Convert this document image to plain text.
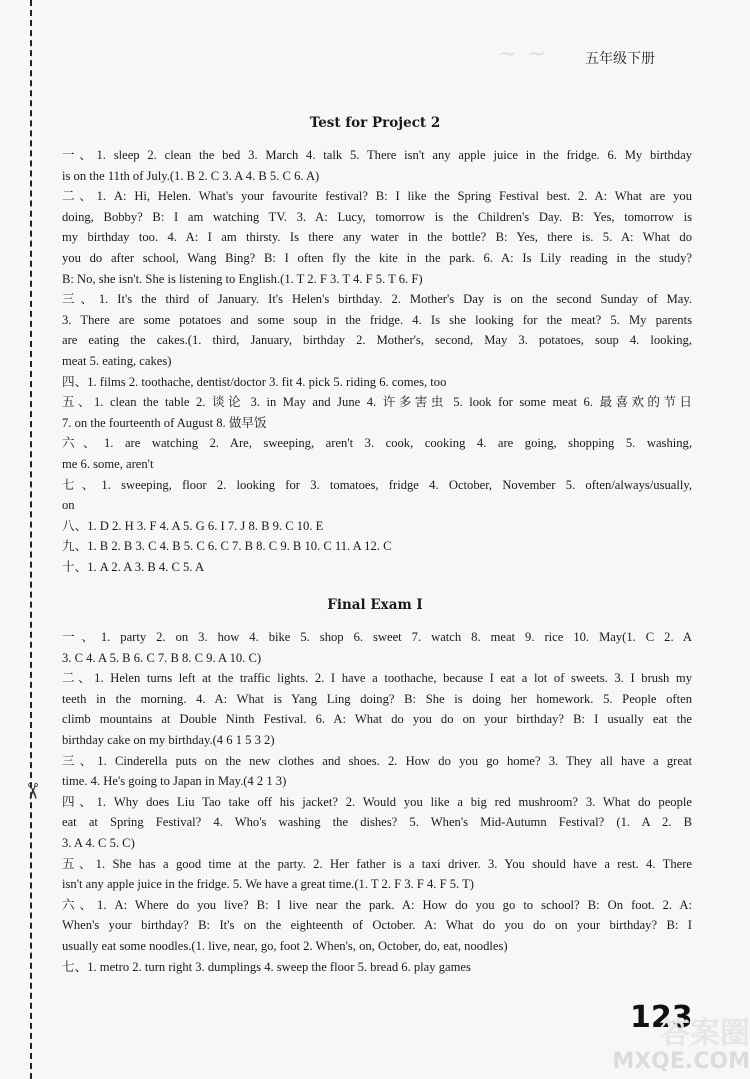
✂
~ ~	五年级下册
Test for Project 2
一、1. sleep 2. clean the bed 3. March 4. talk 5. There isn't any apple juice in the fridge. 6. My birthday
is on the 11th of July.(1. B 2. C 3. A 4. B 5. C 6. A)
二、1. A: Hi, Helen. What's your favourite festival? B: I like the Spring Festival best. 2. A: What are you
doing, Bobby? B: I am watching TV. 3. A: Lucy, tomorrow is the Children's Day. B: Yes, tomorrow is
my birthday too. 4. A: I am thirsty. Is there any water in the bottle? B: Yes, there is. 5. A: What do
you do after school, Wang Bing? B: I often fly the kite in the park. 6. A: Is Lily reading in the study?
B: No, she isn't. She is listening to English.(1. T 2. F 3. T 4. F 5. T 6. F)
三、1. It's the third of January. It's Helen's birthday. 2. Mother's Day is on the second Sunday of May.
3. There are some potatoes and some soup in the fridge. 4. Is she looking for the meat? 5. My parents
are eating the cakes.(1. third, January, birthday 2. Mother's, second, May 3. potatoes, soup 4. looking,
meat 5. eating, cakes)
四、1. films 2. toothache, dentist/doctor 3. fit 4. pick 5. riding 6. comes, too
五、1. clean the table 2. 谈论 3. in May and June 4. 许多害虫 5. look for some meat 6. 最喜欢的节日
7. on the fourteenth of August 8. 做早饭
六、1. are watching 2. Are, sweeping, aren't 3. cook, cooking 4. are going, shopping 5. washing,
me 6. some, aren't
七、1. sweeping, floor 2. looking for 3. tomatoes, fridge 4. October, November 5. often/always/usually,
on
八、1. D 2. H 3. F 4. A 5. G 6. I 7. J 8. B 9. C 10. E
九、1. B 2. B 3. C 4. B 5. C 6. C 7. B 8. C 9. B 10. C 11. A 12. C
十、1. A 2. A 3. B 4. C 5. A
Final Exam I
一、1. party 2. on 3. how 4. bike 5. shop 6. sweet 7. watch 8. meat 9. rice 10. May(1. C 2. A
3. C 4. A 5. B 6. C 7. B 8. C 9. A 10. C)
二、1. Helen turns left at the traffic lights. 2. I have a toothache, because I eat a lot of sweets. 3. I brush my
teeth in the morning. 4. A: What is Yang Ling doing? B: She is doing her homework. 5. People often
climb mountains at Double Ninth Festival. 6. A: What do you do on your birthday? B: I usually eat the
birthday cake on my birthday.(4 6 1 5 3 2)
三、1. Cinderella puts on the new clothes and shoes. 2. How do you go home? 3. They all have a great
time. 4. He's going to Japan in May.(4 2 1 3)
四、1. Why does Liu Tao take off his jacket? 2. Would you like a big red mushroom? 3. What do people
eat at Spring Festival? 4. Who's washing the dishes? 5. When's Mid-Autumn Festival? (1. A 2. B
3. A 4. C 5. C)
五、1. She has a good time at the party. 2. Her father is a taxi driver. 3. You should have a rest. 4. There
isn't any apple juice in the fridge. 5. We have a great time.(1. T 2. F 3. F 4. F 5. T)
六、1. A: Where do you live? B: I live near the park. A: How do you go to school? B: On foot. 2. A:
When's your birthday? B: It's on the eighteenth of October. A: What do you do on your birthday? B: I
usually eat some noodles.(1. live, near, go, foot 2. When's, on, October, do, eat, noodles)
七、1. metro 2. turn right 3. dumplings 4. sweep the floor 5. bread 6. play games
123
答案圈
MXQE.COM
